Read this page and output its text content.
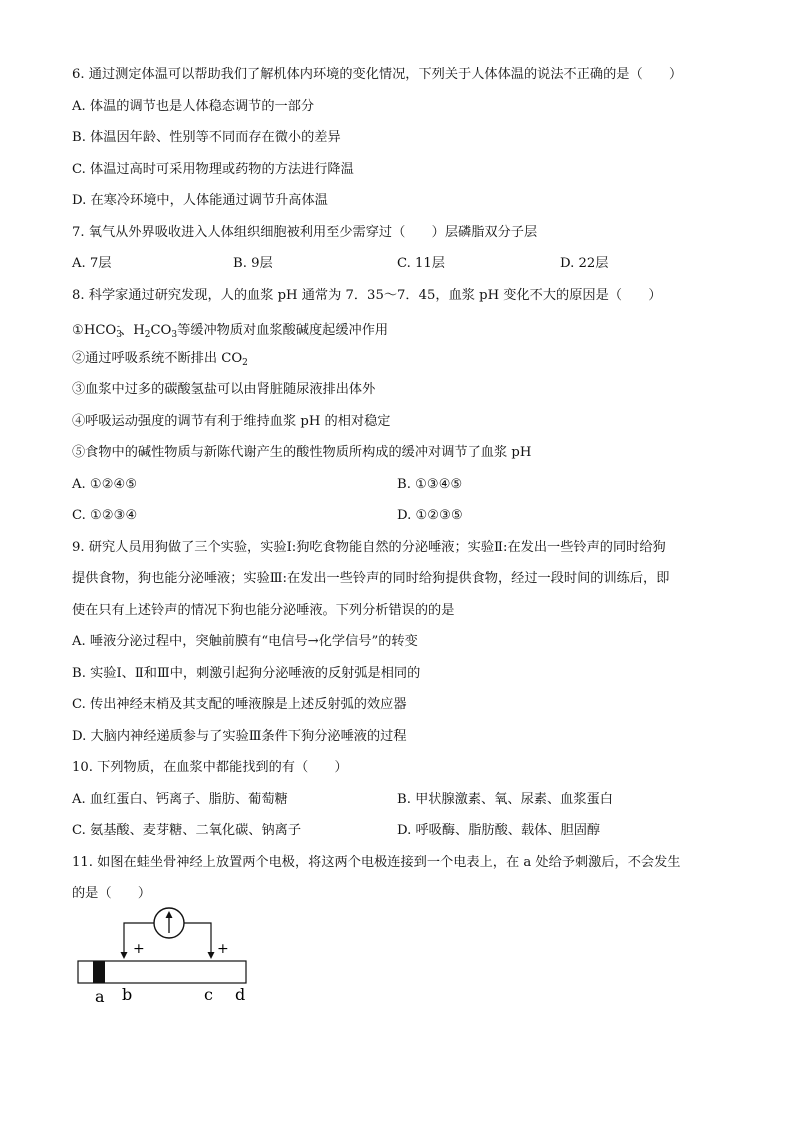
6. 通过测定体温可以帮助我们了解机体内环境的变化情况，下列关于人体体温的说法不正确的是（　　）
A. 体温的调节也是人体稳态调节的一部分
B. 体温因年龄、性别等不同而存在微小的差异
C. 体温过高时可采用物理或药物的方法进行降温
D. 在寒冷环境中，人体能通过调节升高体温
7. 氧气从外界吸收进入人体组织细胞被利用至少需穿过（　　）层磷脂双分子层
A. 7层	B. 9层	C. 11层	D. 22层
8. 科学家通过研究发现，人的血浆 pH 通常为 7．35～7．45，血浆 pH 变化不大的原因是（　　）
$①HCO_3^-$、$H_2CO_3$等缓冲物质对血浆酸碱度起缓冲作用
②通过呼吸系统不断排出 $CO_2$
③血浆中过多的碳酸氢盐可以由肾脏随尿液排出体外
④呼吸运动强度的调节有利于维持血浆 pH 的相对稳定
⑤食物中的碱性物质与新陈代谢产生的酸性物质所构成的缓冲对调节了血浆 pH
A. ①②④⑤	B. ①③④⑤
C. ①②③④	D. ①②③⑤
9. 研究人员用狗做了三个实验，实验Ⅰ:狗吃食物能自然的分泌唾液；实验Ⅱ:在发出一些铃声的同时给狗
提供食物，狗也能分泌唾液；实验Ⅲ:在发出一些铃声的同时给狗提供食物，经过一段时间的训练后，即
使在只有上述铃声的情况下狗也能分泌唾液。下列分析错误的的是
A. 唾液分泌过程中，突触前膜有“电信号→化学信号”的转变
B. 实验Ⅰ、Ⅱ和Ⅲ中，刺激引起狗分泌唾液的反射弧是相同的
C. 传出神经末梢及其支配的唾液腺是上述反射弧的效应器
D. 大脑内神经递质参与了实验Ⅲ条件下狗分泌唾液的过程
10. 下列物质，在血浆中都能找到的有（　　）
A. 血红蛋白、钙离子、脂肪、葡萄糖	B. 甲状腺激素、氧、尿素、血浆蛋白
C. 氨基酸、麦芽糖、二氧化碳、钠离子	D. 呼吸酶、脂肪酸、载体、胆固醇
11. 如图在蛙坐骨神经上放置两个电极，将这两个电极连接到一个电表上，在 a 处给予刺激后，不会发生
的是（　　）
+	+
a b	c d
